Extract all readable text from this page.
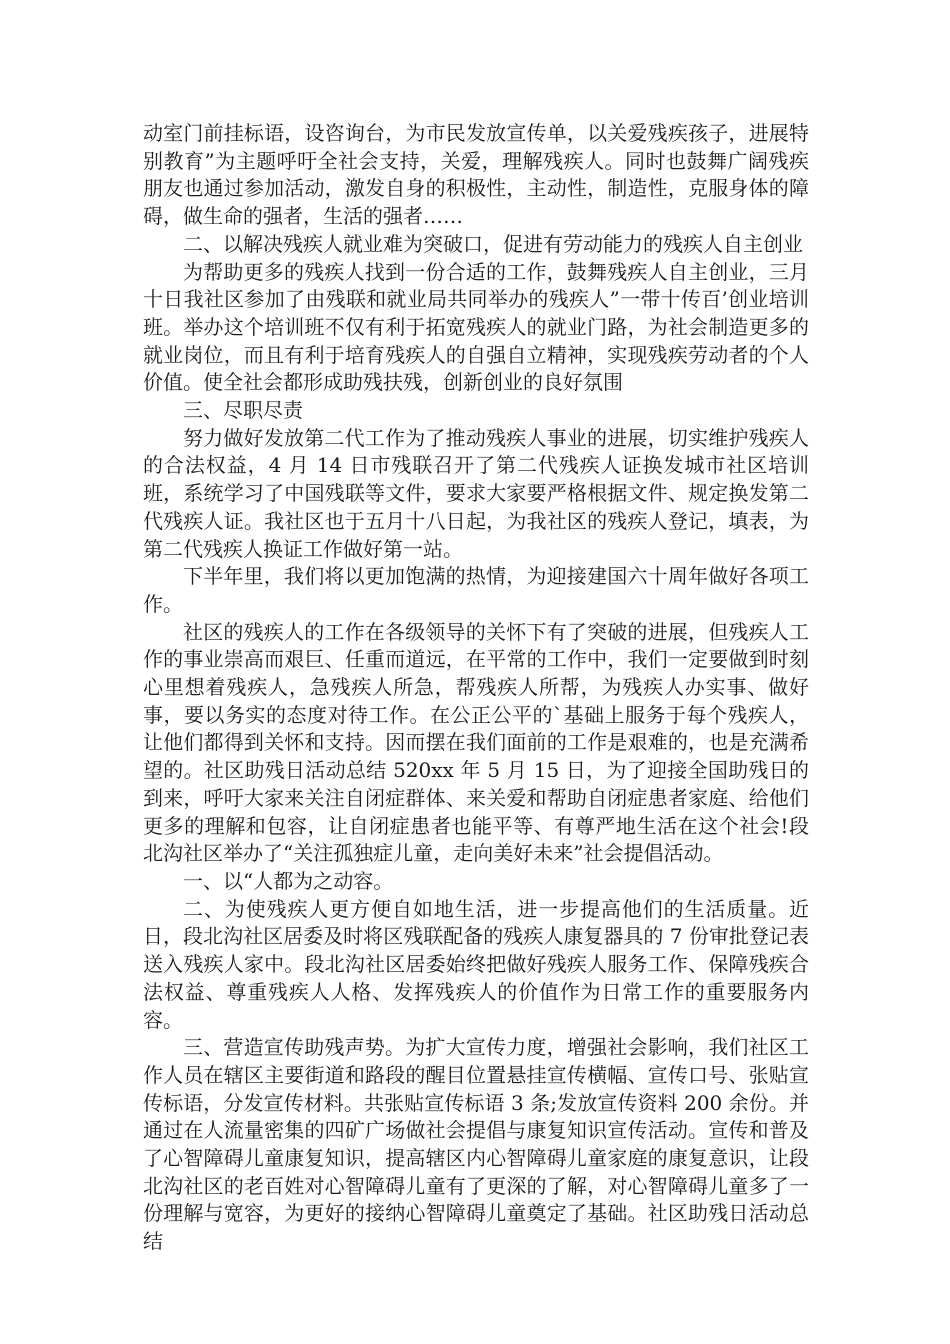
动室门前挂标语，设咨询台，为市民发放宣传单，以关爱残疾孩子，进展特别教育”为主题呼吁全社会支持，关爱，理解残疾人。同时也鼓舞广阔残疾朋友也通过参加活动，激发自身的积极性，主动性，制造性，克服身体的障碍，做生命的强者，生活的强者……

二、以解决残疾人就业难为突破口，促进有劳动能力的残疾人自主创业

为帮助更多的残疾人找到一份合适的工作，鼓舞残疾人自主创业，三月十日我社区参加了由残联和就业局共同举办的残疾人”一带十传百’创业培训班。举办这个培训班不仅有利于拓宽残疾人的就业门路，为社会制造更多的就业岗位，而且有利于培育残疾人的自强自立精神，实现残疾劳动者的个人价值。使全社会都形成助残扶残，创新创业的良好氛围

三、尽职尽责

努力做好发放第二代工作为了推动残疾人事业的进展，切实维护残疾人的合法权益，4 月 14 日市残联召开了第二代残疾人证换发城市社区培训班，系统学习了中国残联等文件，要求大家要严格根据文件、规定换发第二代残疾人证。我社区也于五月十八日起，为我社区的残疾人登记，填表，为第二代残疾人换证工作做好第一站。

下半年里，我们将以更加饱满的热情，为迎接建国六十周年做好各项工作。

社区的残疾人的工作在各级领导的关怀下有了突破的进展，但残疾人工作的事业崇高而艰巨、任重而道远，在平常的工作中，我们一定要做到时刻心里想着残疾人，急残疾人所急，帮残疾人所帮，为残疾人办实事、做好事，要以务实的态度对待工作。在公正公平的`基础上服务于每个残疾人，让他们都得到关怀和支持。因而摆在我们面前的工作是艰难的，也是充满希望的。社区助残日活动总结 520xx 年 5 月 15 日，为了迎接全国助残日的到来，呼吁大家来关注自闭症群体、来关爱和帮助自闭症患者家庭、给他们更多的理解和包容，让自闭症患者也能平等、有尊严地生活在这个社会!段北沟社区举办了“关注孤独症儿童，走向美好未来”社会提倡活动。

一、以“人都为之动容。

二、为使残疾人更方便自如地生活，进一步提高他们的生活质量。近日，段北沟社区居委及时将区残联配备的残疾人康复器具的 7 份审批登记表送入残疾人家中。段北沟社区居委始终把做好残疾人服务工作、保障残疾合法权益、尊重残疾人人格、发挥残疾人的价值作为日常工作的重要服务内容。

三、营造宣传助残声势。为扩大宣传力度，增强社会影响，我们社区工作人员在辖区主要街道和路段的醒目位置悬挂宣传横幅、宣传口号、张贴宣传标语，分发宣传材料。共张贴宣传标语 3 条;发放宣传资料 200 余份。并通过在人流量密集的四矿广场做社会提倡与康复知识宣传活动。宣传和普及了心智障碍儿童康复知识，提高辖区内心智障碍儿童家庭的康复意识，让段北沟社区的老百姓对心智障碍儿童有了更深的了解，对心智障碍儿童多了一份理解与宽容，为更好的接纳心智障碍儿童奠定了基础。社区助残日活动总结
